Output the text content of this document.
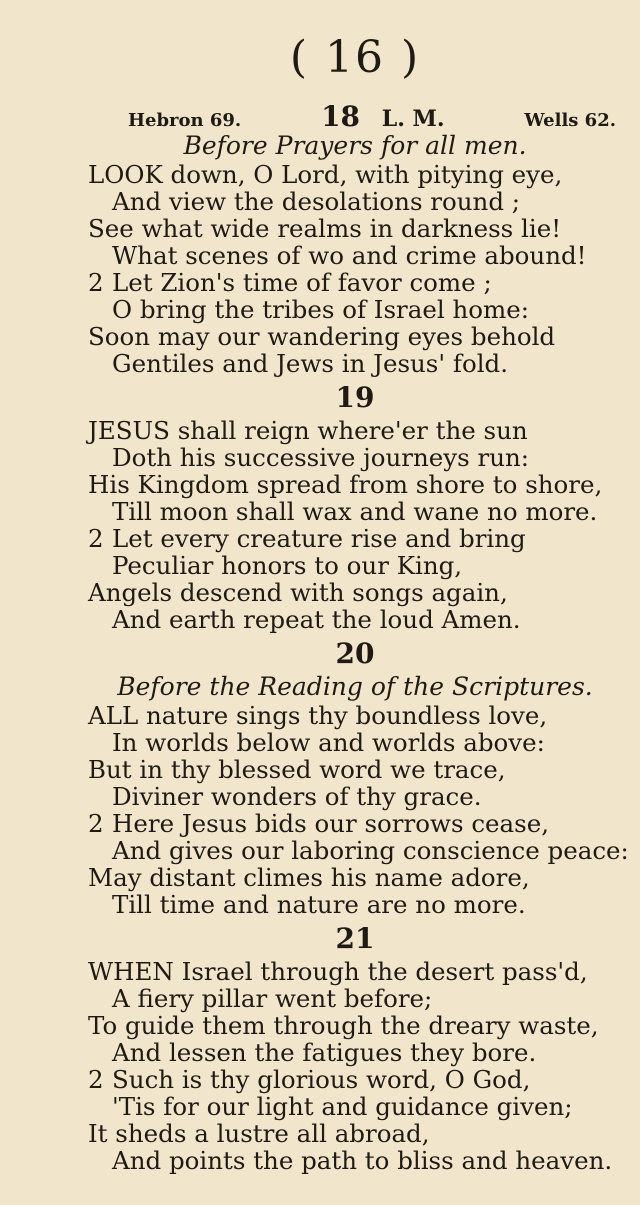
( 16 )
Hebron 69.	18 L. M.	Wells 62.
Before Prayers for all men.
LOOK down, O Lord, with pitying eye,
And view the desolations round ;
See what wide realms in darkness lie!
What scenes of wo and crime abound!
2 Let Zion's time of favor come ;
O bring the tribes of Israel home:
Soon may our wandering eyes behold
Gentiles and Jews in Jesus' fold.
19
JESUS shall reign where'er the sun
Doth his successive journeys run:
His Kingdom spread from shore to shore,
Till moon shall wax and wane no more.
2 Let every creature rise and bring
Peculiar honors to our King,
Angels descend with songs again,
And earth repeat the loud Amen.
20
Before the Reading of the Scriptures.
ALL nature sings thy boundless love,
In worlds below and worlds above:
But in thy blessed word we trace,
Diviner wonders of thy grace.
2 Here Jesus bids our sorrows cease,
And gives our laboring conscience peace:
May distant climes his name adore,
Till time and nature are no more.
21
WHEN Israel through the desert pass'd,
A fiery pillar went before;
To guide them through the dreary waste,
And lessen the fatigues they bore.
2 Such is thy glorious word, O God,
'Tis for our light and guidance given;
It sheds a lustre all abroad,
And points the path to bliss and heaven.
